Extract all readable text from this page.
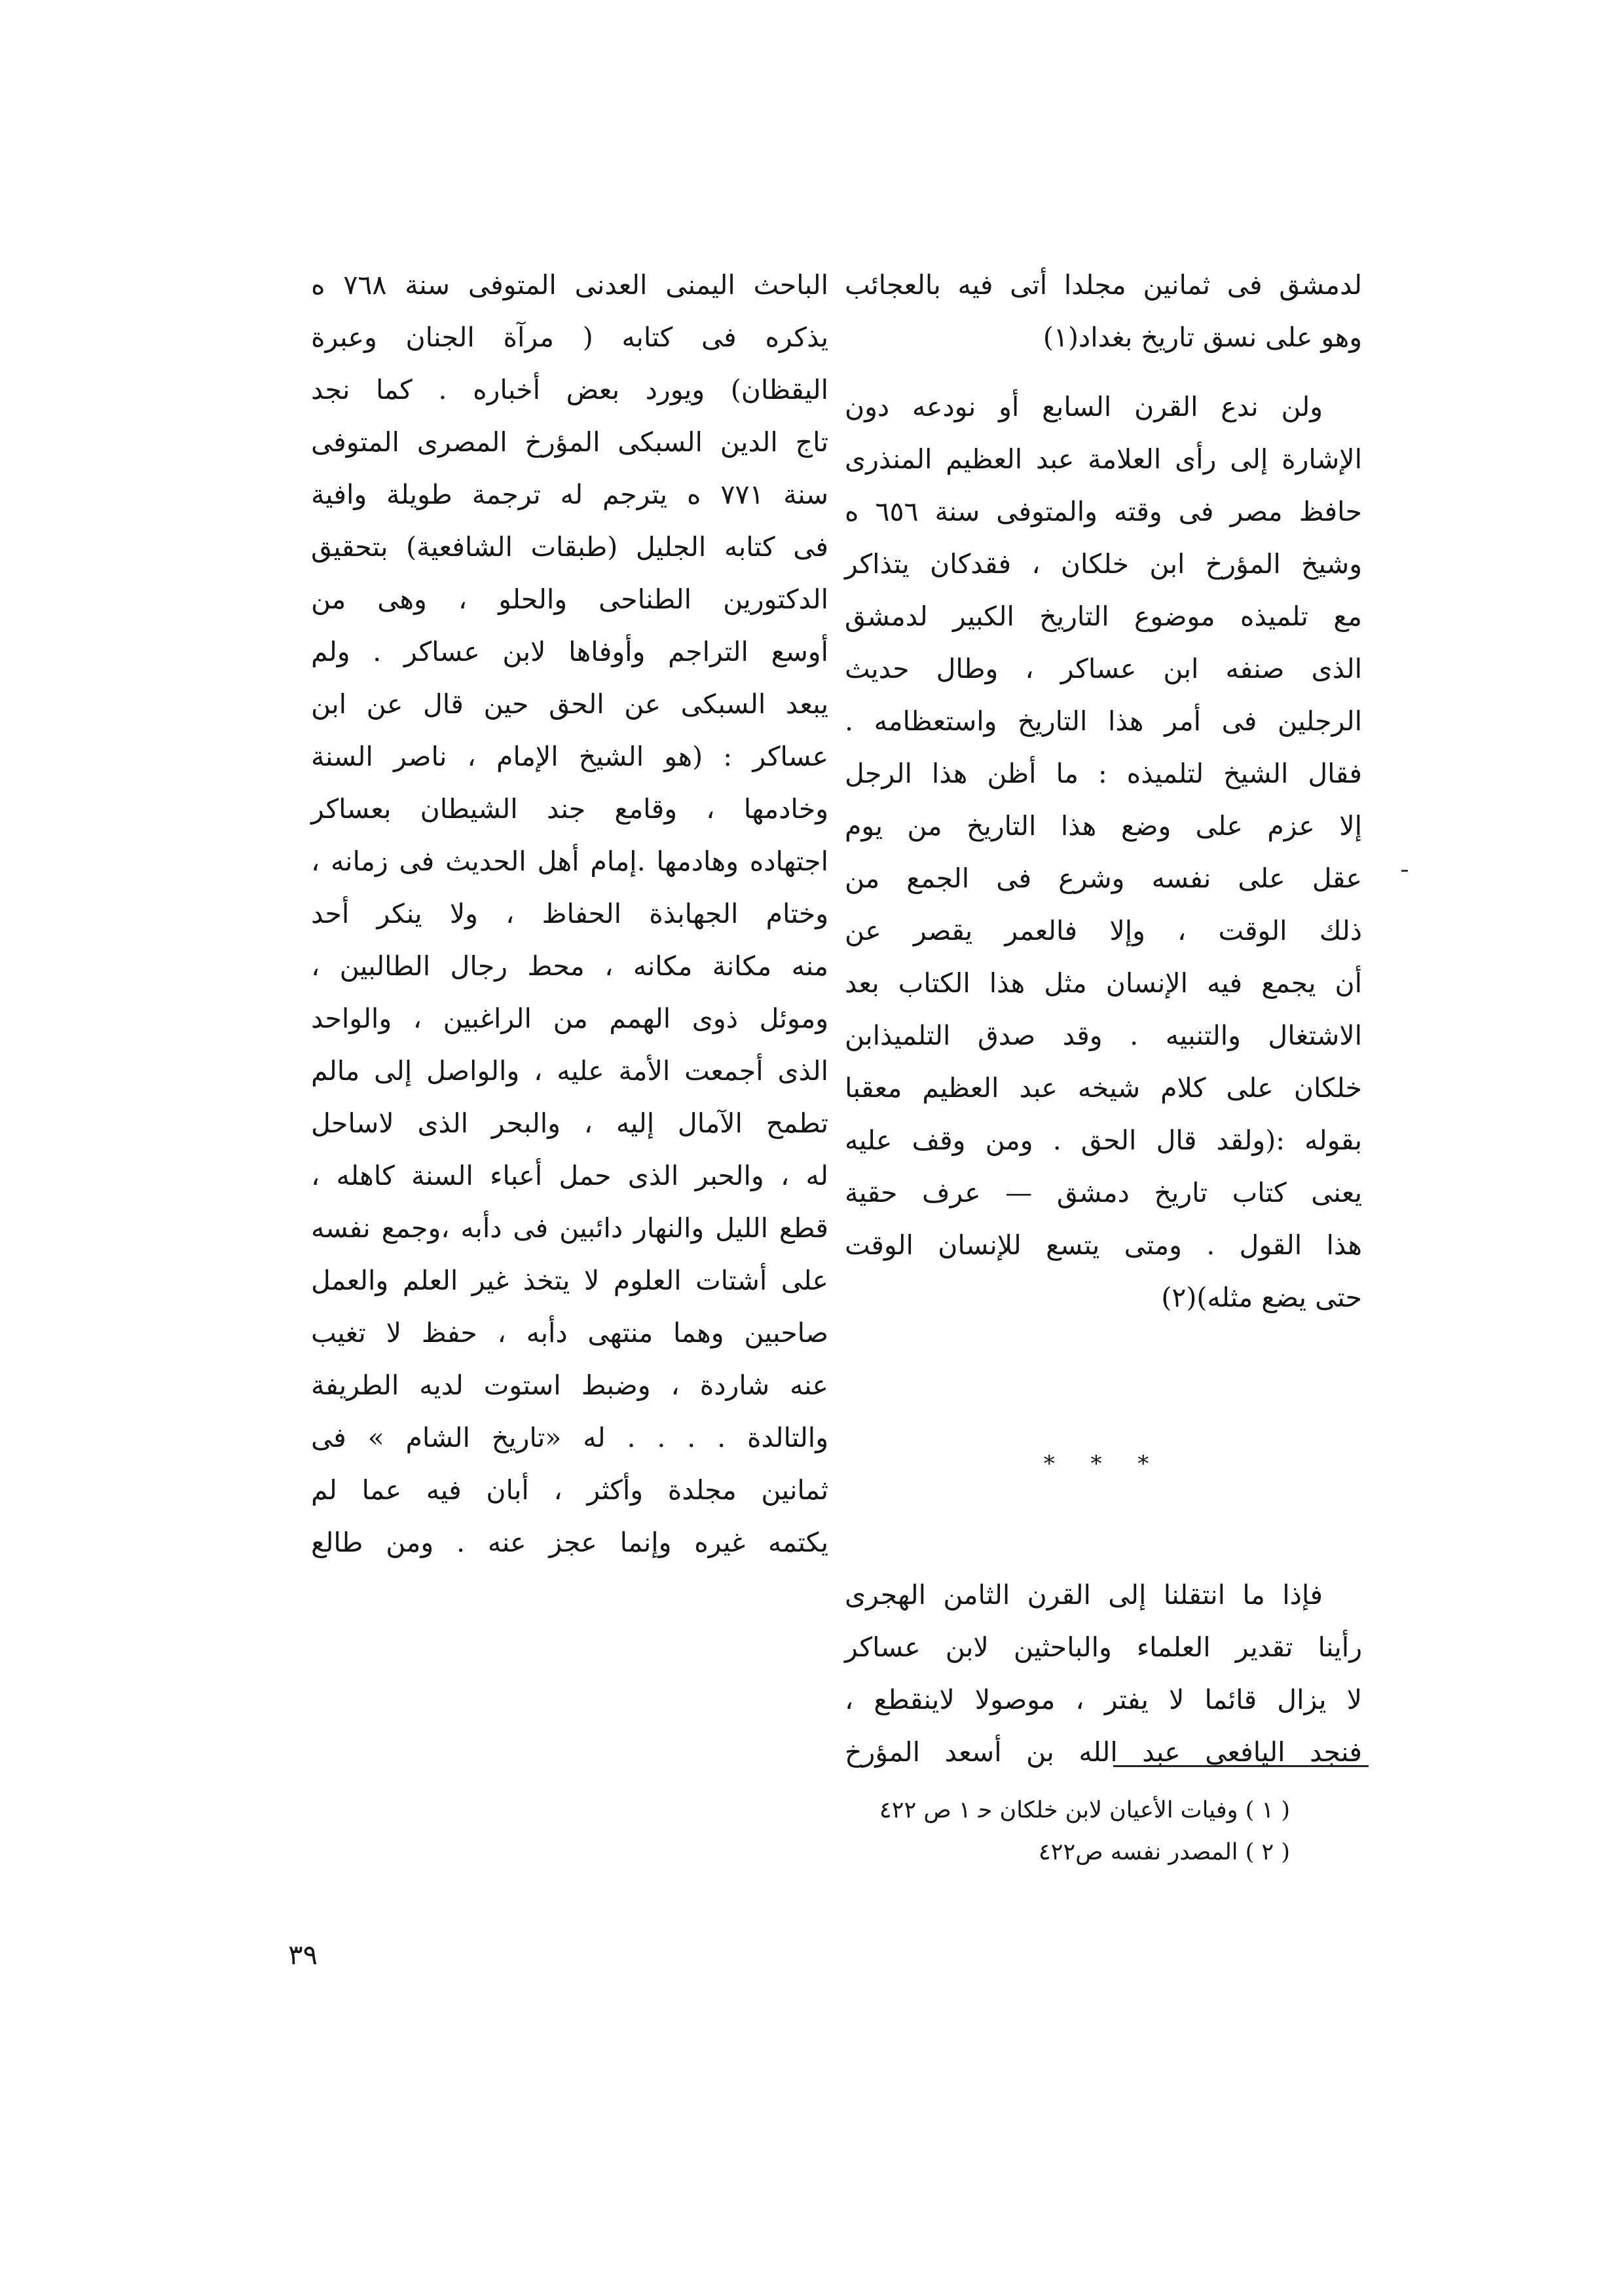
لدمشق فى ثمانين مجلدا أتى فيه بالعجائب
وهو على نسق تاريخ بغداد(١)
ولن ندع القرن السابع أو نودعه دون
الإشارة إلى رأى العلامة عبد العظيم المنذرى
حافظ مصر فى وقته والمتوفى سنة ٦٥٦ ه
وشيخ المؤرخ ابن خلكان ، فقدكان يتذاكر
مع تلميذه موضوع التاريخ الكبير لدمشق
الذى صنفه ابن عساكر ، وطال حديث
الرجلين فى أمر هذا التاريخ واستعظامه .
فقال الشيخ لتلميذه : ما أظن هذا الرجل
إلا عزم على وضع هذا التاريخ من يوم
عقل على نفسه وشرع فى الجمع من
ذلك الوقت ، وإلا فالعمر يقصر عن
أن يجمع فيه الإنسان مثل هذا الكتاب بعد
الاشتغال والتنبيه . وقد صدق التلميذابن
خلكان على كلام شيخه عبد العظيم معقبا
بقوله :(ولقد قال الحق . ومن وقف عليه
يعنى كتاب تاريخ دمشق — عرف حقية
هذا القول . ومتى يتسع للإنسان الوقت
حتى يضع مثله)(٢)
* * *
فإذا ما انتقلنا إلى القرن الثامن الهجرى
رأينا تقدير العلماء والباحثين لابن عساكر
لا يزال قائما لا يفتر ، موصولا لاينقطع ،
فنجد اليافعى عبد الله بن أسعد المؤرخ
الباحث اليمنى العدنى المتوفى سنة ٧٦٨ ه
يذكره فى كتابه ( مرآة الجنان وعبرة
اليقظان) ويورد بعض أخباره . كما نجد
تاج الدين السبكى المؤرخ المصرى المتوفى
سنة ٧٧١ ه يترجم له ترجمة طويلة وافية
فى كتابه الجليل (طبقات الشافعية) بتحقيق
الدكتورين الطناحى والحلو ، وهى من
أوسع التراجم وأوفاها لابن عساكر . ولم
يبعد السبكى عن الحق حين قال عن ابن
عساكر : (هو الشيخ الإمام ، ناصر السنة
وخادمها ، وقامع جند الشيطان بعساكر
اجتهاده وهادمها .إمام أهل الحديث فى زمانه ،
وختام الجهابذة الحفاظ ، ولا ينكر أحد
منه مكانة مكانه ، محط رجال الطالبين ،
وموئل ذوى الهمم من الراغبين ، والواحد
الذى أجمعت الأمة عليه ، والواصل إلى مالم
تطمح الآمال إليه ، والبحر الذى لاساحل
له ، والحبر الذى حمل أعباء السنة كاهله ،
قطع الليل والنهار دائبين فى دأبه ،وجمع نفسه
على أشتات العلوم لا يتخذ غير العلم والعمل
صاحبين وهما منتهى دأبه ، حفظ لا تغيب
عنه شاردة ، وضبط استوت لديه الطريفة
والتالدة . . . . له «تاريخ الشام » فى
ثمانين مجلدة وأكثر ، أبان فيه عما لم
يكتمه غيره وإنما عجز عنه . ومن طالع
( ١ ) وفيات الأعيان لابن خلكان ﺣ ١ ص ٤٢٢
( ٢ ) المصدر نفسه ص٤٢٢
٣٩
